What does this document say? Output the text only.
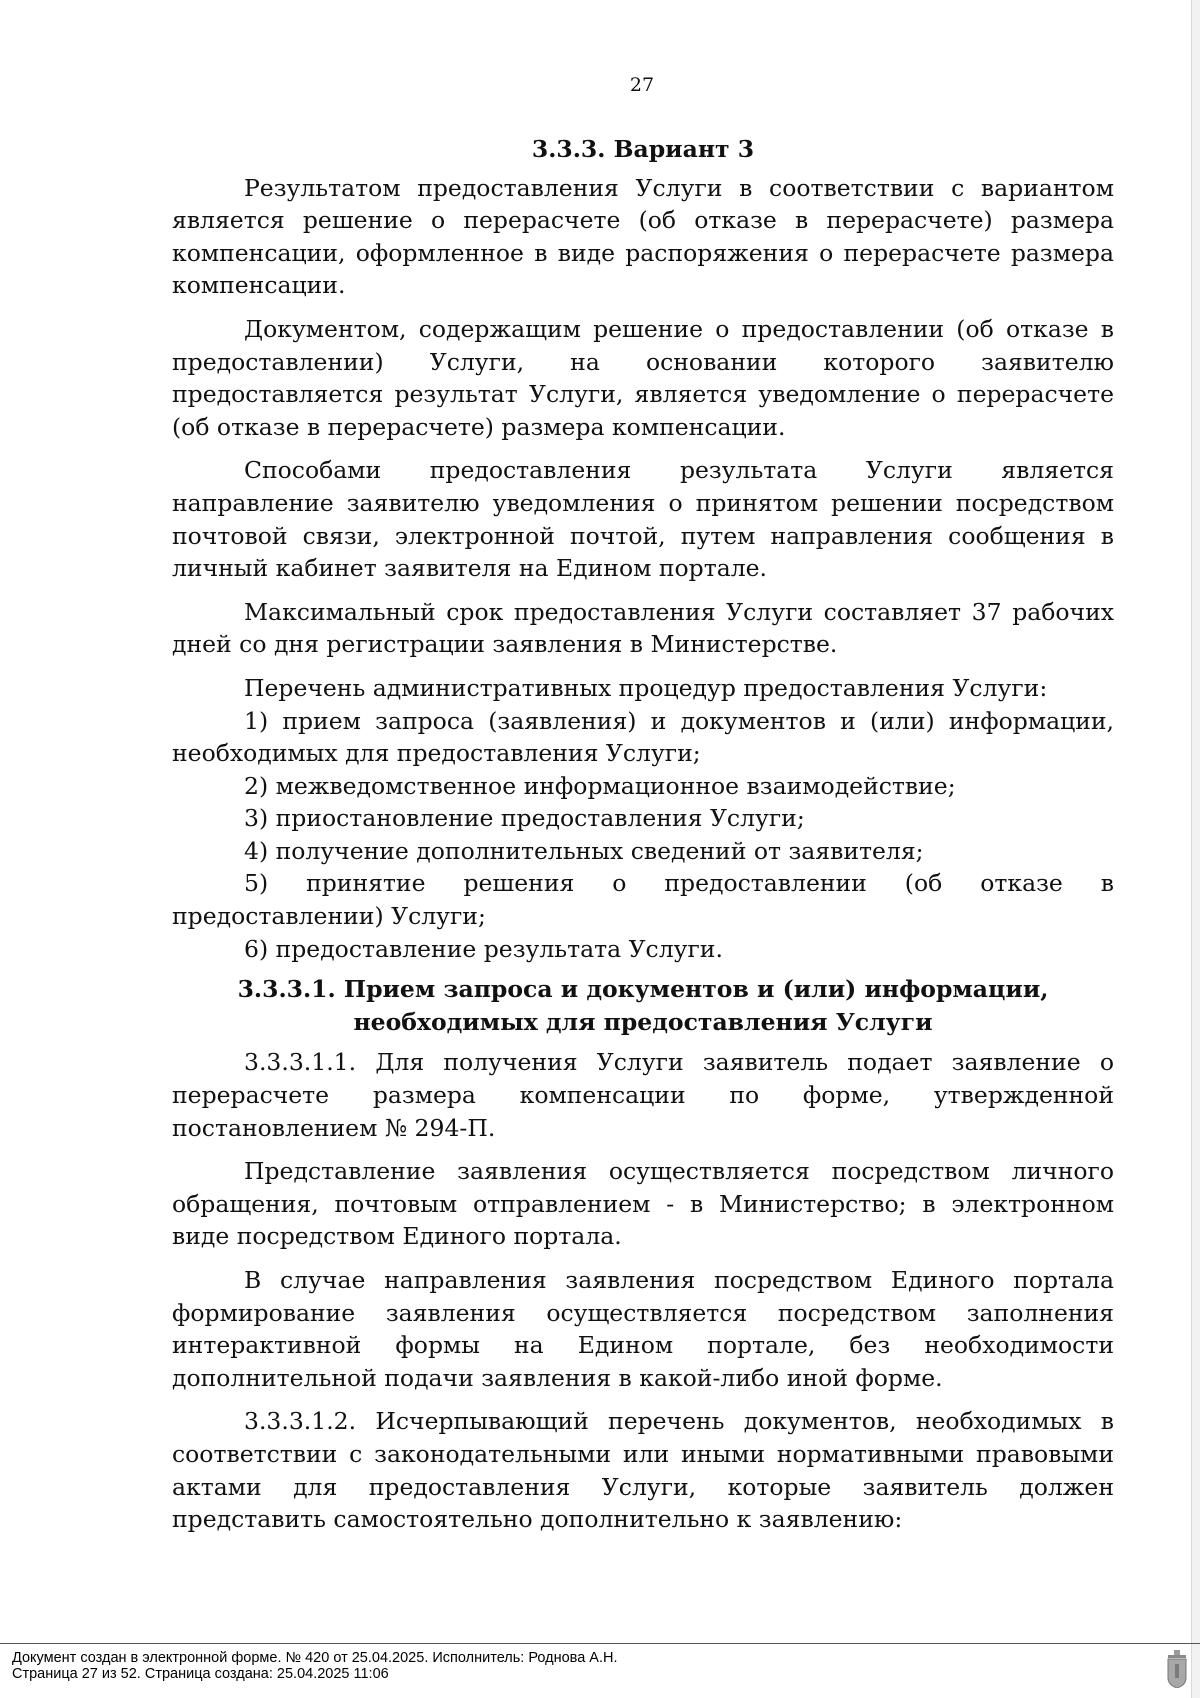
27
3.3.3. Вариант 3

Результатом предоставления Услуги в соответствии с вариантом является решение о перерасчете (об отказе в перерасчете) размера компенсации, оформленное в виде распоряжения о перерасчете размера компенсации.

Документом, содержащим решение о предоставлении (об отказе в предоставлении) Услуги, на основании которого заявителю предоставляется результат Услуги, является уведомление о перерасчете (об отказе в перерасчете) размера компенсации.

Способами предоставления результата Услуги является направление заявителю уведомления о принятом решении посредством почтовой связи, электронной почтой, путем направления сообщения в личный кабинет заявителя на Едином портале.

Максимальный срок предоставления Услуги составляет 37 рабочих дней со дня регистрации заявления в Министерстве.

Перечень административных процедур предоставления Услуги:

1) прием запроса (заявления) и документов и (или) информации, необходимых для предоставления Услуги;
2) межведомственное информационное взаимодействие;
3) приостановление предоставления Услуги;
4) получение дополнительных сведений от заявителя;
5) принятие решения о предоставлении (об отказе в предоставлении) Услуги;
6) предоставление результата Услуги.
3.3.3.1. Прием запроса и документов и (или) информации, необходимых для предоставления Услуги

3.3.3.1.1. Для получения Услуги заявитель подает заявление о перерасчете размера компенсации по форме, утвержденной постановлением № 294-П.

Представление заявления осуществляется посредством личного обращения, почтовым отправлением - в Министерство; в электронном виде посредством Единого портала.

В случае направления заявления посредством Единого портала формирование заявления осуществляется посредством заполнения интерактивной формы на Едином портале, без необходимости дополнительной подачи заявления в какой-либо иной форме.

3.3.3.1.2. Исчерпывающий перечень документов, необходимых в соответствии с законодательными или иными нормативными правовыми актами для предоставления Услуги, которые заявитель должен представить самостоятельно дополнительно к заявлению:

Документ создан в электронной форме. № 420 от 25.04.2025. Исполнитель: Роднова А.Н.
Страница 27 из 52. Страница создана: 25.04.2025 11:06
